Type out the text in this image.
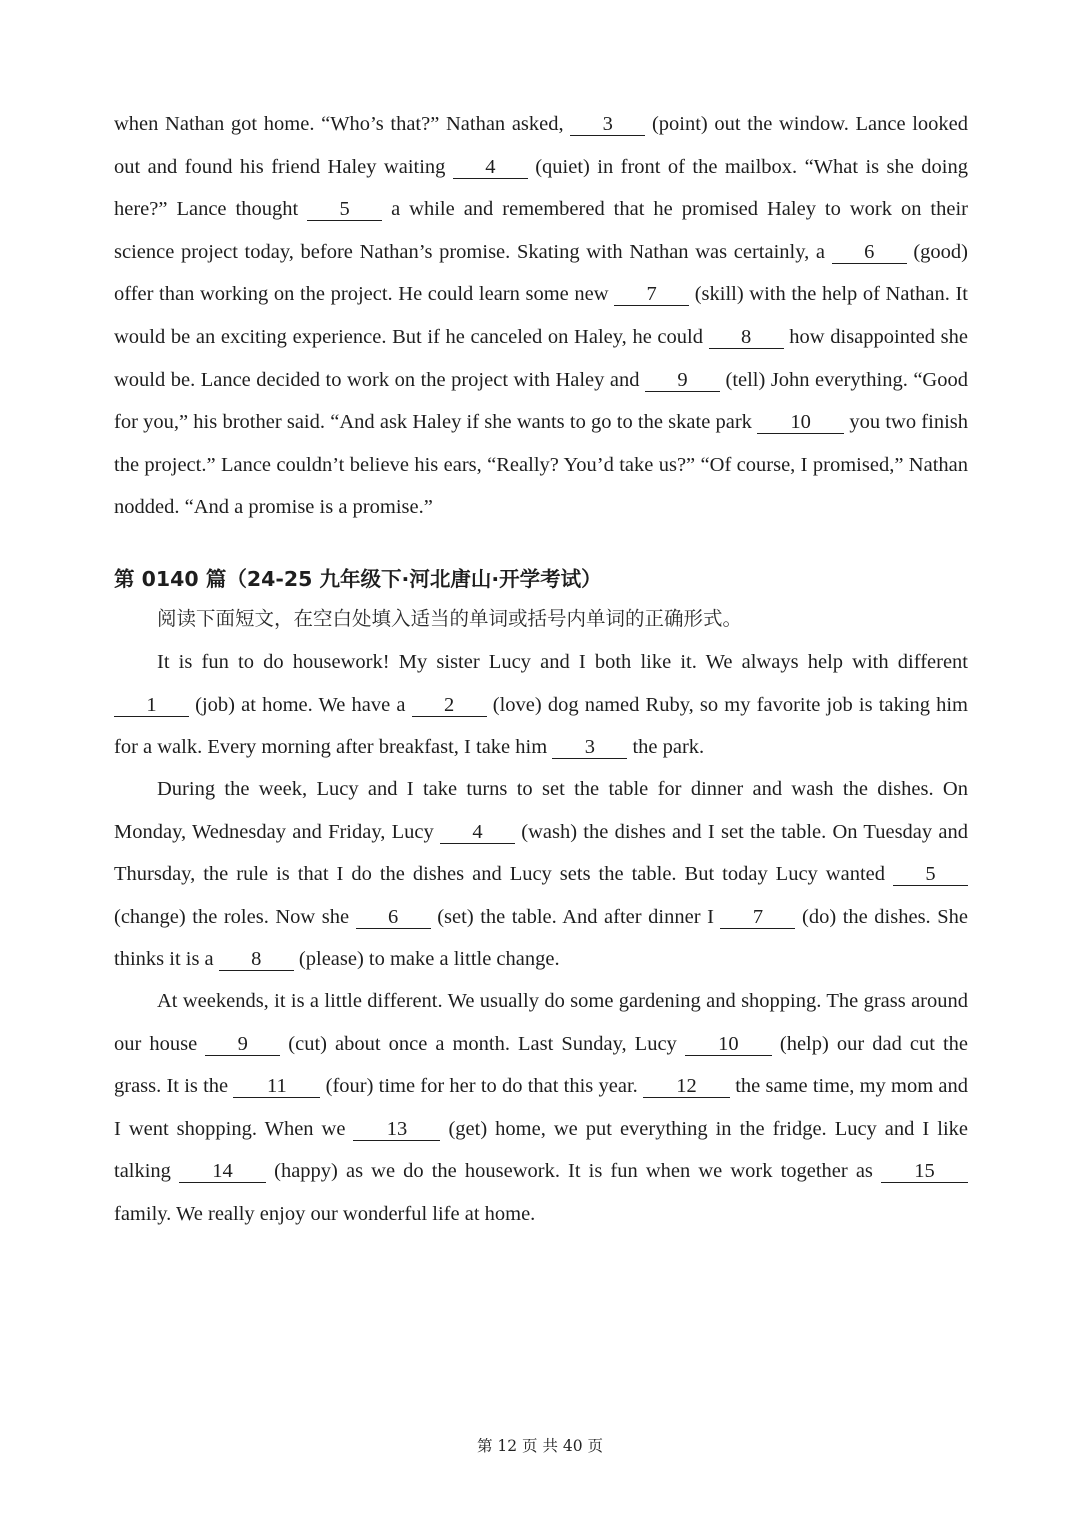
when Nathan got home. “Who’s that?” Nathan asked, 3 (point) out the window. Lance looked out and found his friend Haley waiting 4 (quiet) in front of the mailbox. “What is she doing here?” Lance thought 5 a while and remembered that he promised Haley to work on their science project today, before Nathan’s promise. Skating with Nathan was certainly, a 6 (good) offer than working on the project. He could learn some new 7 (skill) with the help of Nathan. It would be an exciting experience. But if he canceled on Haley, he could 8 how disappointed she would be. Lance decided to work on the project with Haley and 9 (tell) John everything. “Good for you,” his brother said. “And ask Haley if she wants to go to the skate park 10 you two finish the project.” Lance couldn’t believe his ears, “Really? You’d take us?” “Of course, I promised,” Nathan nodded. “And a promise is a promise.”

第 0140 篇（24-25 九年级下·河北唐山·开学考试）

阅读下面短文，在空白处填入适当的单词或括号内单词的正确形式。

It is fun to do housework! My sister Lucy and I both like it. We always help with different 1 (job) at home. We have a 2 (love) dog named Ruby, so my favorite job is taking him for a walk. Every morning after breakfast, I take him 3 the park.

During the week, Lucy and I take turns to set the table for dinner and wash the dishes. On Monday, Wednesday and Friday, Lucy 4 (wash) the dishes and I set the table. On Tuesday and Thursday, the rule is that I do the dishes and Lucy sets the table. But today Lucy wanted 5 (change) the roles. Now she 6 (set) the table. And after dinner I 7 (do) the dishes. She thinks it is a 8 (please) to make a little change.

At weekends, it is a little different. We usually do some gardening and shopping. The grass around our house 9 (cut) about once a month. Last Sunday, Lucy 10 (help) our dad cut the grass. It is the 11 (four) time for her to do that this year. 12 the same time, my mom and I went shopping. When we 13 (get) home, we put everything in the fridge. Lucy and I like talking 14 (happy) as we do the housework. It is fun when we work together as 15 family. We really enjoy our wonderful life at home.

第 12 页 共 40 页
